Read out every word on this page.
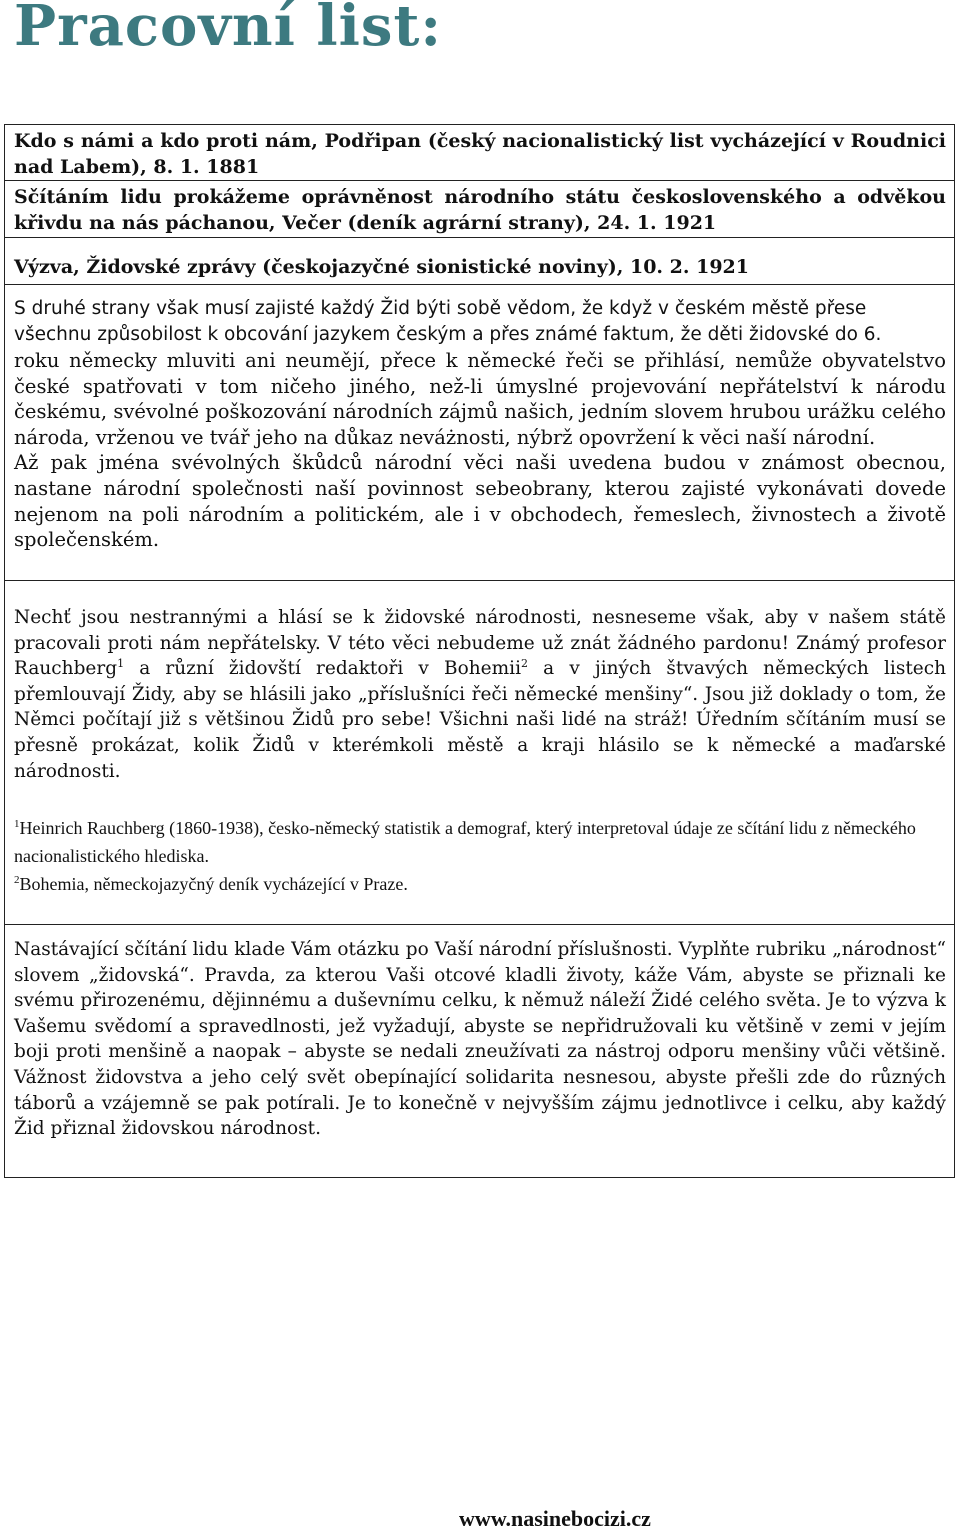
Pracovní list:

Kdo s námi a kdo proti nám, Podřipan (český nacionalistický list vycházející v Roudnici nad Labem), 8. 1. 1881

Sčítáním lidu prokážeme oprávněnost národního státu československého a odvěkou křivdu na nás páchanou, Večer (deník agrární strany), 24. 1. 1921

Výzva, Židovské zprávy (českojazyčné sionistické noviny), 10. 2. 1921

S druhé strany však musí zajisté každý Žid býti sobě vědom, že když v českém městě přese všechnu způsobilost k obcování jazykem českým a přes známé faktum, že děti židovské do 6.

roku německy mluviti ani neumějí, přece k německé řeči se přihlásí, nemůže obyvatelstvo české spatřovati v tom ničeho jiného, než-li úmyslné projevování nepřátelství k národu českému, svévolné poškozování národních zájmů našich, jedním slovem hrubou urážku celého národa, vrženou ve tvář jeho na důkaz neváżnosti, nýbrž opovržení k věci naší národní.

Až pak jména svévolných škůdců národní věci naši uvedena budou v známost obecnou, nastane národní společnosti naší povinnost sebeobrany, kterou zajisté vykonávati dovede nejenom na poli národním a politickém, ale i v obchodech, řemeslech, živnostech a životě společenském.

Nechť jsou nestrannými a hlásí se k židovské národnosti, nesneseme však, aby v našem státě pracovali proti nám nepřátelsky. V této věci nebudeme už znát žádného pardonu! Známý profesor Rauchberg$^1$ a různí židovští redaktoři v Bohemii$^2$ a v jiných štvavých německých listech přemlouvají Židy, aby se hlásili jako „příslušníci řeči německé menšiny“. Jsou již doklady o tom, že Němci počítají již s většinou Židů pro sebe! Všichni naši lidé na stráž! Úředním sčítáním musí se přesně prokázat, kolik Židů v kterémkoli městě a kraji hlásilo se k německé a maďarské národnosti.

$^1$Heinrich Rauchberg (1860-1938), česko-německý statistik a demograf, který interpretoval údaje ze sčítání lidu z německého nacionalistického hlediska.

$^2$Bohemia, německojazyčný deník vycházející v Praze.

Nastávající sčítání lidu klade Vám otázku po Vaší národní příslušnosti. Vyplňte rubriku „národnost“ slovem „židovská“. Pravda, za kterou Vaši otcové kladli životy, káže Vám, abyste se přiznali ke svému přirozenému, dějinnému a duševnímu celku, k němuž náleží Židé celého světa. Je to výzva k Vašemu svědomí a spravedlnosti, jež vyžadují, abyste se nepřidružovali ku většině v zemi v jejím boji proti menšině a naopak – abyste se nedali zneužívati za nástroj odporu menšiny vůči většině. Vážnost židovstva a jeho celý svět obepínající solidarita nesnesou, abyste přešli zde do různých táborů a vzájemně se pak potírali. Je to konečně v nejvyšším zájmu jednotlivce i celku, aby každý Žid přiznal židovskou národnost.

www.nasinebocizi.cz
